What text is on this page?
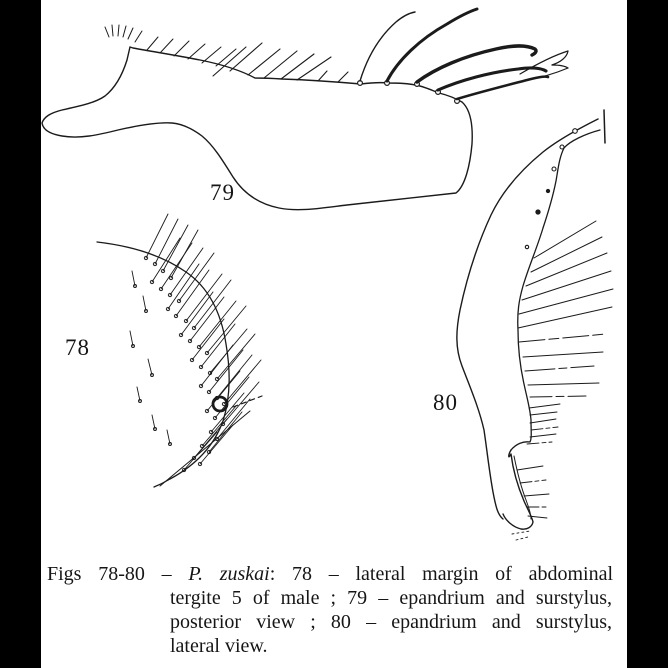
79
78
80
Figs 78-80 – P. zuskai: 78 – lateral margin of abdominal
tergite 5 of male ; 79 – epandrium and surstylus,
posterior view ; 80 – epandrium and surstylus,
lateral view.
